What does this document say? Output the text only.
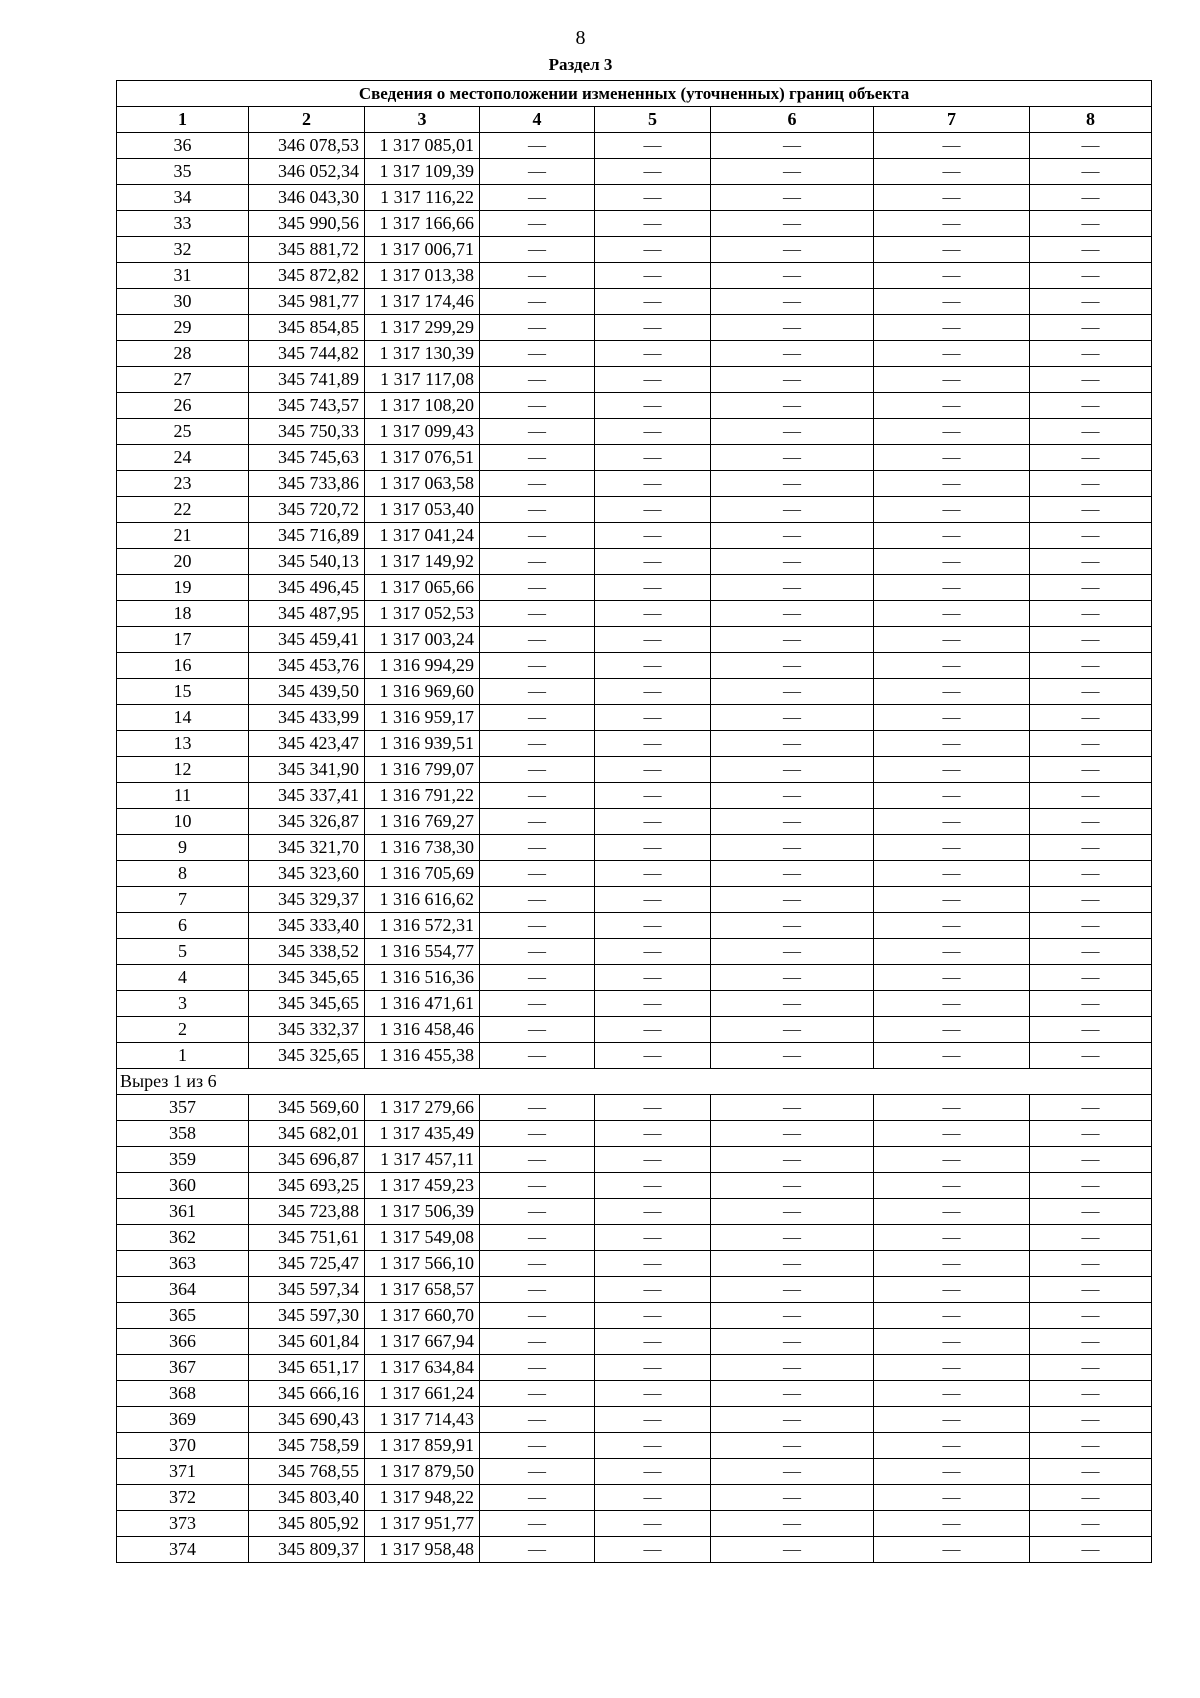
8
Раздел 3
Сведения о местоположении измененных (уточненных) границ объекта							
1	2	3	4	5	6	7	8
36	346 078,53	1 317 085,01	—	—	—	—	—
35	346 052,34	1 317 109,39	—	—	—	—	—
34	346 043,30	1 317 116,22	—	—	—	—	—
33	345 990,56	1 317 166,66	—	—	—	—	—
32	345 881,72	1 317 006,71	—	—	—	—	—
31	345 872,82	1 317 013,38	—	—	—	—	—
30	345 981,77	1 317 174,46	—	—	—	—	—
29	345 854,85	1 317 299,29	—	—	—	—	—
28	345 744,82	1 317 130,39	—	—	—	—	—
27	345 741,89	1 317 117,08	—	—	—	—	—
26	345 743,57	1 317 108,20	—	—	—	—	—
25	345 750,33	1 317 099,43	—	—	—	—	—
24	345 745,63	1 317 076,51	—	—	—	—	—
23	345 733,86	1 317 063,58	—	—	—	—	—
22	345 720,72	1 317 053,40	—	—	—	—	—
21	345 716,89	1 317 041,24	—	—	—	—	—
20	345 540,13	1 317 149,92	—	—	—	—	—
19	345 496,45	1 317 065,66	—	—	—	—	—
18	345 487,95	1 317 052,53	—	—	—	—	—
17	345 459,41	1 317 003,24	—	—	—	—	—
16	345 453,76	1 316 994,29	—	—	—	—	—
15	345 439,50	1 316 969,60	—	—	—	—	—
14	345 433,99	1 316 959,17	—	—	—	—	—
13	345 423,47	1 316 939,51	—	—	—	—	—
12	345 341,90	1 316 799,07	—	—	—	—	—
11	345 337,41	1 316 791,22	—	—	—	—	—
10	345 326,87	1 316 769,27	—	—	—	—	—
9	345 321,70	1 316 738,30	—	—	—	—	—
8	345 323,60	1 316 705,69	—	—	—	—	—
7	345 329,37	1 316 616,62	—	—	—	—	—
6	345 333,40	1 316 572,31	—	—	—	—	—
5	345 338,52	1 316 554,77	—	—	—	—	—
4	345 345,65	1 316 516,36	—	—	—	—	—
3	345 345,65	1 316 471,61	—	—	—	—	—
2	345 332,37	1 316 458,46	—	—	—	—	—
1	345 325,65	1 316 455,38	—	—	—	—	—
Вырез 1 из 6							
357	345 569,60	1 317 279,66	—	—	—	—	—
358	345 682,01	1 317 435,49	—	—	—	—	—
359	345 696,87	1 317 457,11	—	—	—	—	—
360	345 693,25	1 317 459,23	—	—	—	—	—
361	345 723,88	1 317 506,39	—	—	—	—	—
362	345 751,61	1 317 549,08	—	—	—	—	—
363	345 725,47	1 317 566,10	—	—	—	—	—
364	345 597,34	1 317 658,57	—	—	—	—	—
365	345 597,30	1 317 660,70	—	—	—	—	—
366	345 601,84	1 317 667,94	—	—	—	—	—
367	345 651,17	1 317 634,84	—	—	—	—	—
368	345 666,16	1 317 661,24	—	—	—	—	—
369	345 690,43	1 317 714,43	—	—	—	—	—
370	345 758,59	1 317 859,91	—	—	—	—	—
371	345 768,55	1 317 879,50	—	—	—	—	—
372	345 803,40	1 317 948,22	—	—	—	—	—
373	345 805,92	1 317 951,77	—	—	—	—	—
374	345 809,37	1 317 958,48	—	—	—	—	—
